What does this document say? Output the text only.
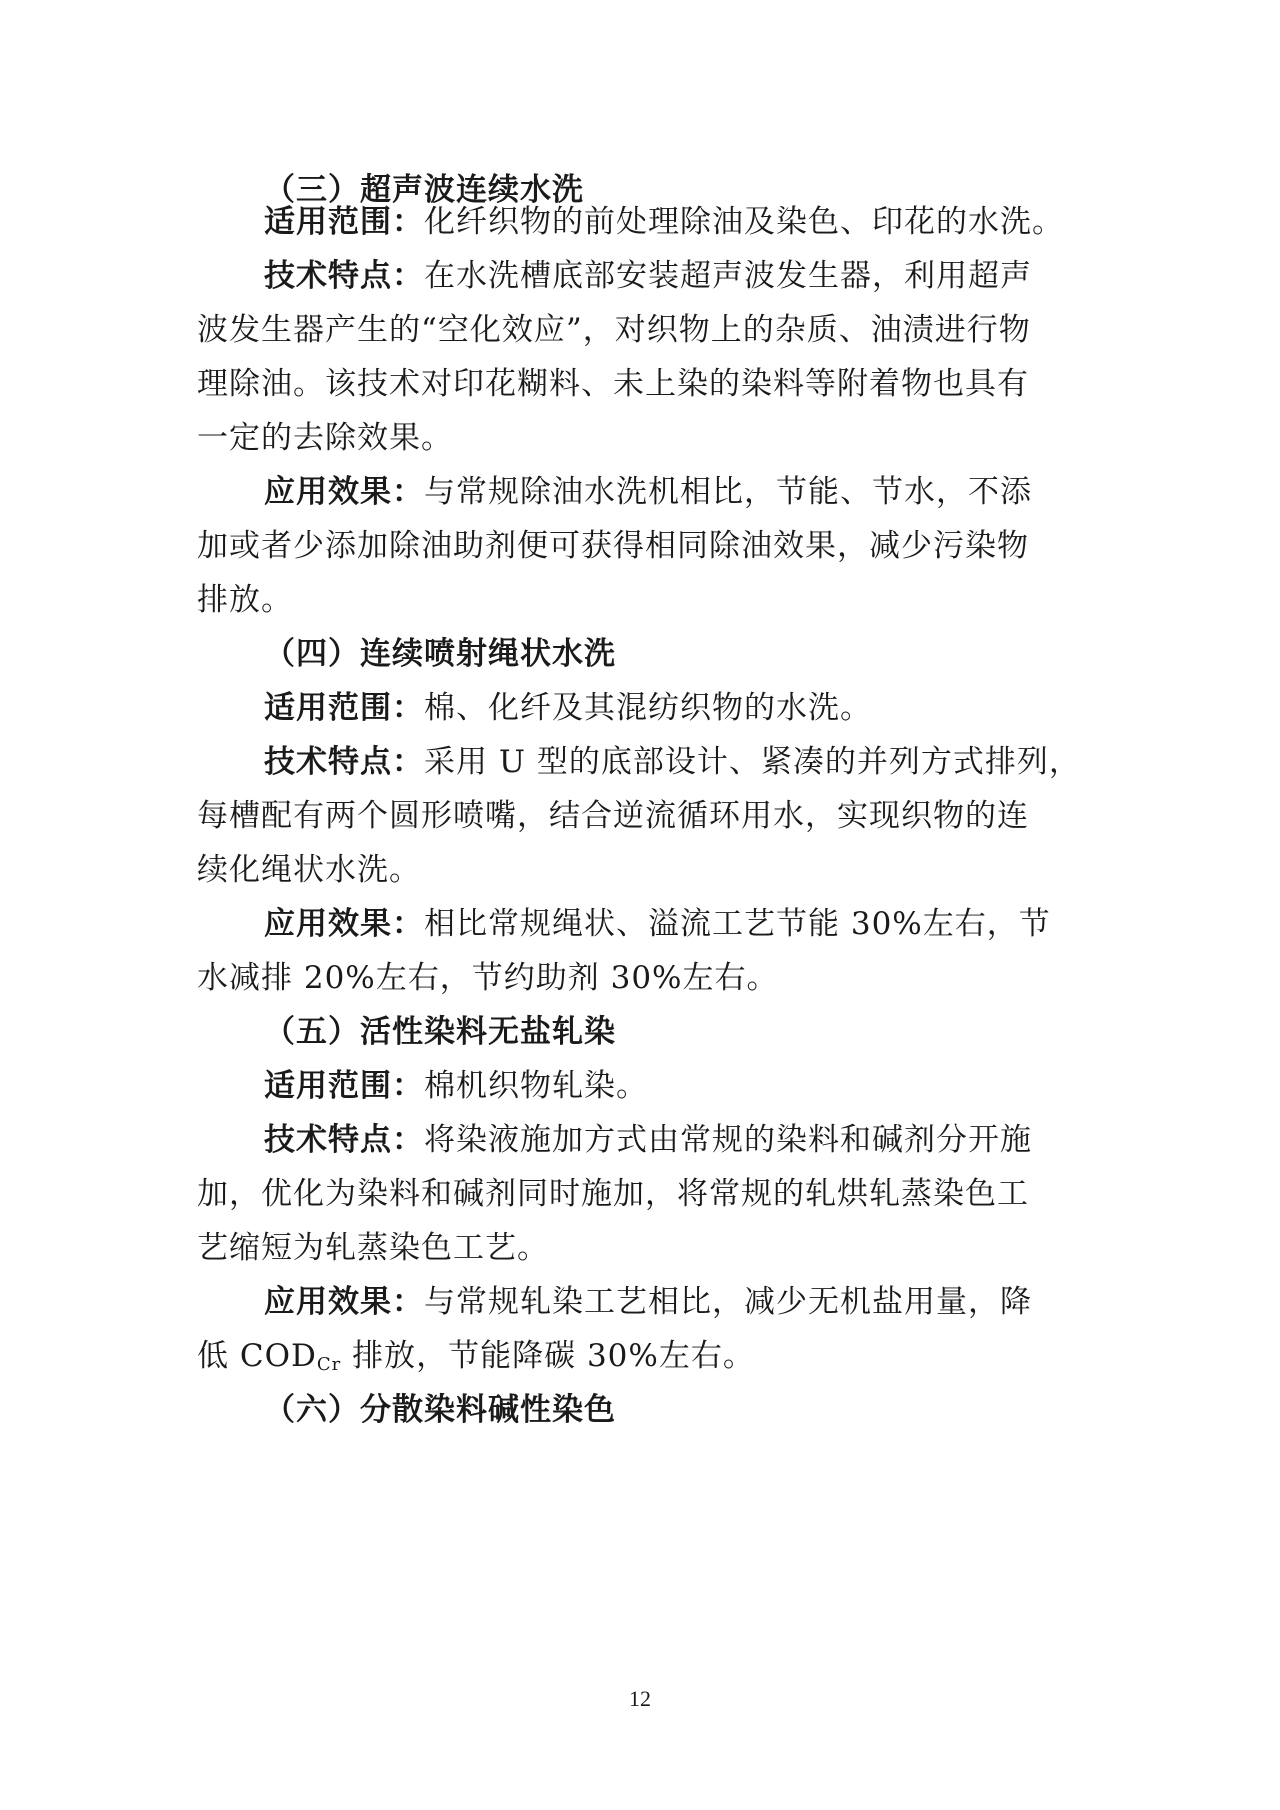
（三）超声波连续水洗
适用范围：化纤织物的前处理除油及染色、印花的水洗。
技术特点：在水洗槽底部安装超声波发生器，利用超声
波发生器产生的“空化效应”，对织物上的杂质、油渍进行物
理除油。该技术对印花糊料、未上染的染料等附着物也具有
一定的去除效果。
应用效果：与常规除油水洗机相比，节能、节水，不添
加或者少添加除油助剂便可获得相同除油效果，减少污染物
排放。
（四）连续喷射绳状水洗
适用范围：棉、化纤及其混纺织物的水洗。
技术特点：采用 U 型的底部设计、紧凑的并列方式排列，
每槽配有两个圆形喷嘴，结合逆流循环用水，实现织物的连
续化绳状水洗。
应用效果：相比常规绳状、溢流工艺节能 30%左右，节
水减排 20%左右，节约助剂 30%左右。
（五）活性染料无盐轧染
适用范围：棉机织物轧染。
技术特点：将染液施加方式由常规的染料和碱剂分开施
加，优化为染料和碱剂同时施加，将常规的轧烘轧蒸染色工
艺缩短为轧蒸染色工艺。
应用效果：与常规轧染工艺相比，减少无机盐用量，降
低 $COD_{Cr}$ 排放，节能降碳 30%左右。
（六）分散染料碱性染色
12
